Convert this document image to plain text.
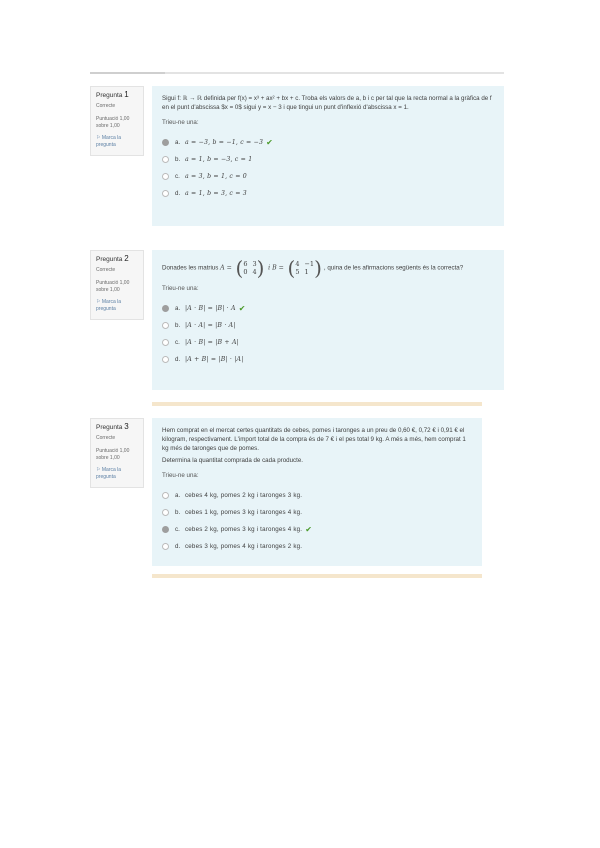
Pregunta 1
Correcte
Puntuació 1,00 sobre 1,00
⚐ Marca la pregunta
Sigui f: ℝ → ℝ definida per f(x) = x³ + ax² + bx + c. Troba els valors de a, b i c per tal que la recta normal a la gràfica de f en el punt d'abscissa $x = 0$ sigui y = x − 3 i que tingui un punt d'inflexió d'abscissa x = 1.
Trieu-ne una:
a. a = −3, b = −1, c = −3 ✔
b. a = 1, b = −3, c = 1
c. a = 3, b = 1, c = 0
d. a = 1, b = 3, c = 3
Pregunta 2
Correcte
Puntuació 1,00 sobre 1,00
⚐ Marca la pregunta
Donades les matrius A = ( 6 3
0 4 ) i B = ( 4 −1
5 1 ) , quina de les afirmacions següents és la correcta?
Trieu-ne una:
a. |A · B| = |B| · A ✔
b. |A · A| = |B · A|
c. |A · B| = |B + A|
d. |A + B| = |B| · |A|
Pregunta 3
Correcte
Puntuació 1,00 sobre 1,00
⚐ Marca la pregunta
Hem comprat en el mercat certes quantitats de cebes, pomes i taronges a un preu de 0,60 €, 0,72 € i 0,91 € el kilogram, respectivament. L'import total de la compra és de 7 € i el pes total 9 kg. A més a més, hem comprat 1 kg més de taronges que de pomes.
Determina la quantitat comprada de cada producte.
Trieu-ne una:
a. cebes 4 kg, pomes 2 kg i taronges 3 kg.
b. cebes 1 kg, pomes 3 kg i taronges 4 kg.
c. cebes 2 kg, pomes 3 kg i taronges 4 kg. ✔
d. cebes 3 kg, pomes 4 kg i taronges 2 kg.
